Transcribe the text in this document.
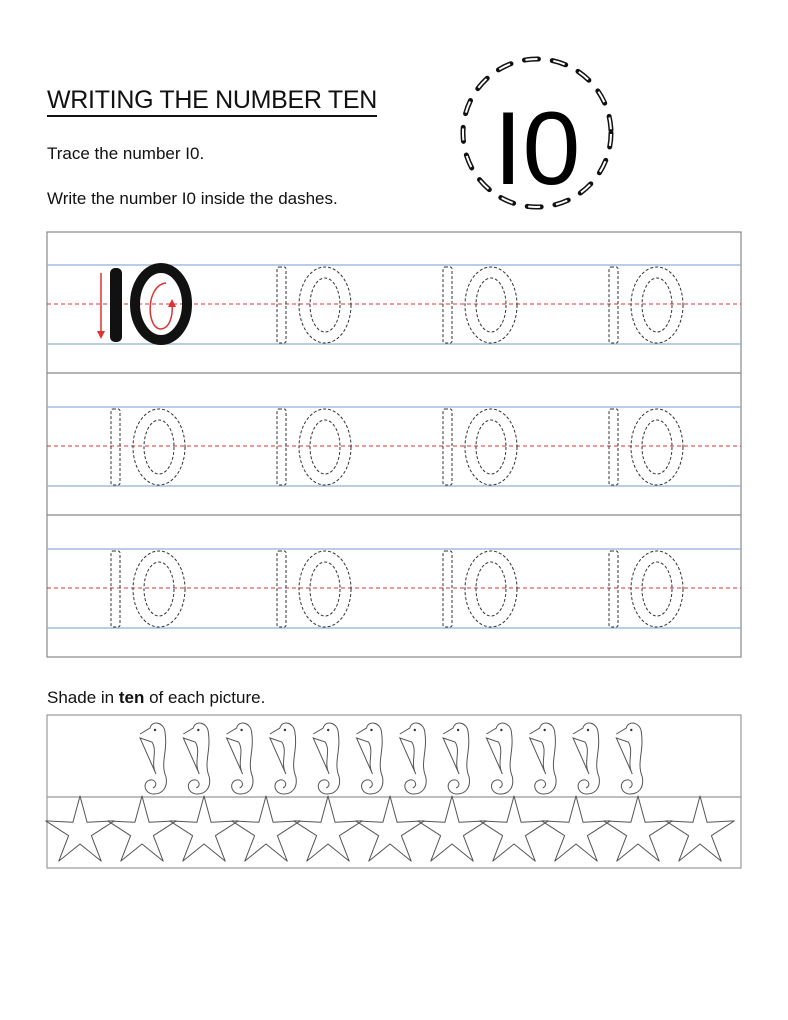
WRITING THE NUMBER TEN
Trace the number I0.
Write the number I0 inside the dashes.
Shade in ten of each picture.
I0
